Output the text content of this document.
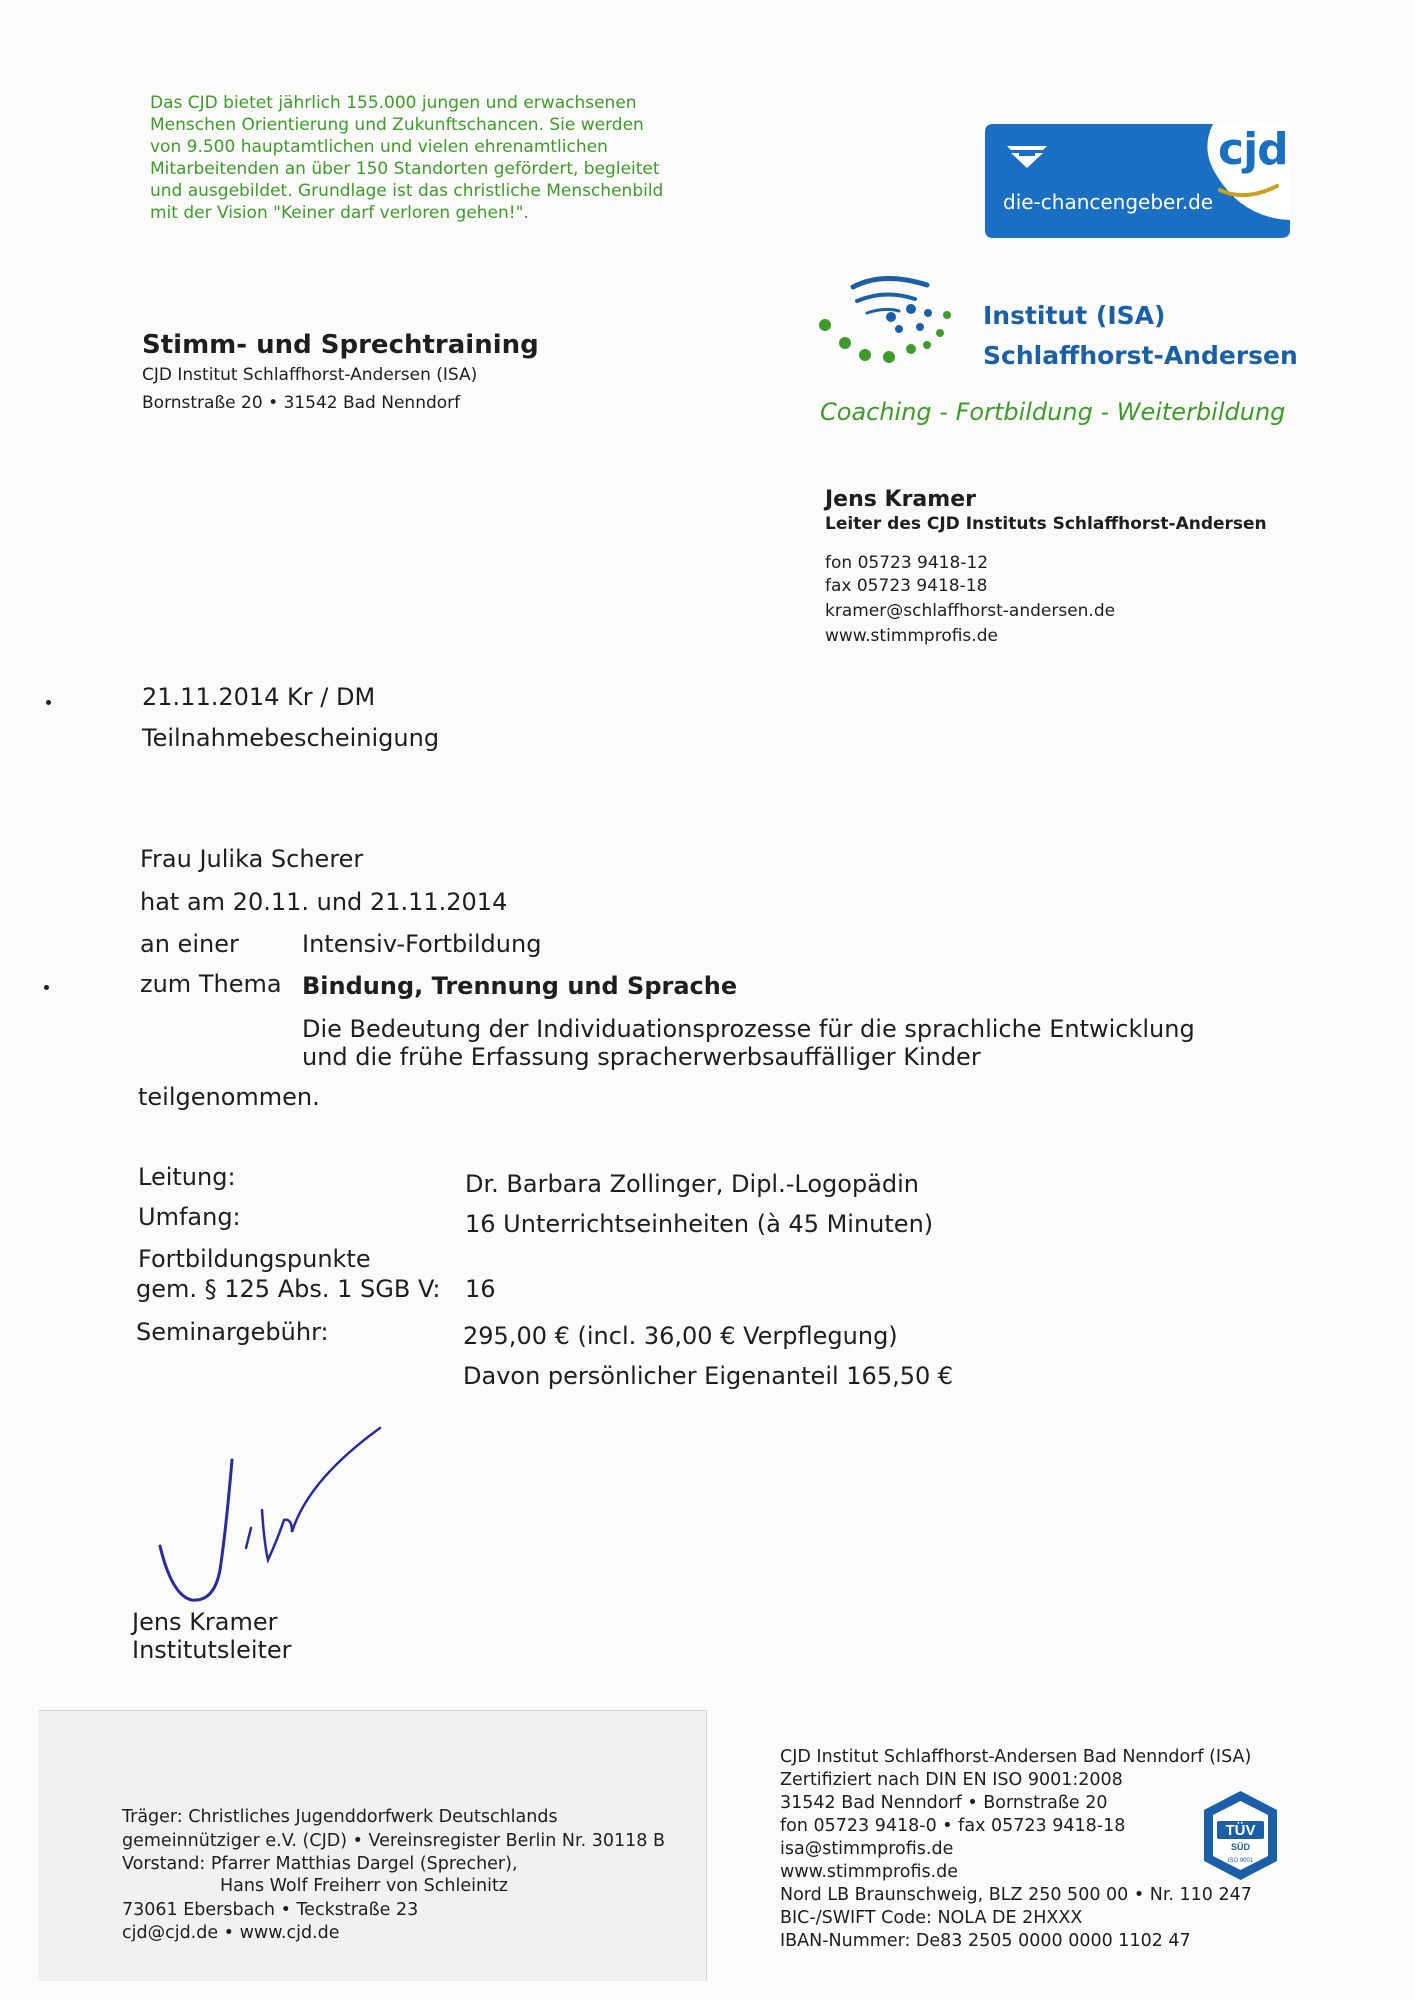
Das CJD bietet jährlich 155.000 jungen und erwachsenen
Menschen Orientierung und Zukunftschancen. Sie werden
von 9.500 hauptamtlichen und vielen ehrenamtlichen
Mitarbeitenden an über 150 Standorten gefördert, begleitet
und ausgebildet. Grundlage ist das christliche Menschenbild
mit der Vision "Keiner darf verloren gehen!".
cjd
die-chancengeber.de
Institut (ISA)
Schlaffhorst-Andersen
Coaching - Fortbildung - Weiterbildung
Stimm- und Sprechtraining
CJD Institut Schlaffhorst-Andersen (ISA)
Bornstraße 20 • 31542 Bad Nenndorf
Jens Kramer
Leiter des CJD Instituts Schlaffhorst-Andersen
fon 05723 9418-12
fax 05723 9418-18
kramer@schlaffhorst-andersen.de
www.stimmprofis.de
21.11.2014 Kr / DM
Teilnahmebescheinigung
Frau Julika Scherer
hat am 20.11. und 21.11.2014
an einer	Intensiv-Fortbildung
zum Thema Bindung, Trennung und Sprache
Die Bedeutung der Individuationsprozesse für die sprachliche Entwicklung
und die frühe Erfassung spracherwerbsauffälliger Kinder
teilgenommen.
Leitung:	Dr. Barbara Zollinger, Dipl.-Logopädin
Umfang:	16 Unterrichtseinheiten (à 45 Minuten)
Fortbildungspunkte
gem. § 125 Abs. 1 SGB V: 16
Seminargebühr:	295,00 € (incl. 36,00 € Verpflegung)
Davon persönlicher Eigenanteil 165,50 €
Jens Kramer
Institutsleiter
Träger: Christliches Jugenddorfwerk Deutschlands
gemeinnütziger e.V. (CJD) • Vereinsregister Berlin Nr. 30118 B
Vorstand: Pfarrer Matthias Dargel (Sprecher),
Hans Wolf Freiherr von Schleinitz
73061 Ebersbach • Teckstraße 23
cjd@cjd.de • www.cjd.de
CJD Institut Schlaffhorst-Andersen Bad Nenndorf (ISA)
Zertifiziert nach DIN EN ISO 9001:2008
31542 Bad Nenndorf • Bornstraße 20
fon 05723 9418-0 • fax 05723 9418-18
isa@stimmprofis.de
www.stimmprofis.de
Nord LB Braunschweig, BLZ 250 500 00 • Nr. 110 247
BIC-/SWIFT Code: NOLA DE 2HXXX
IBAN-Nummer: De83 2505 0000 0000 1102 47
TÜV
SÜD
ISO 9001
